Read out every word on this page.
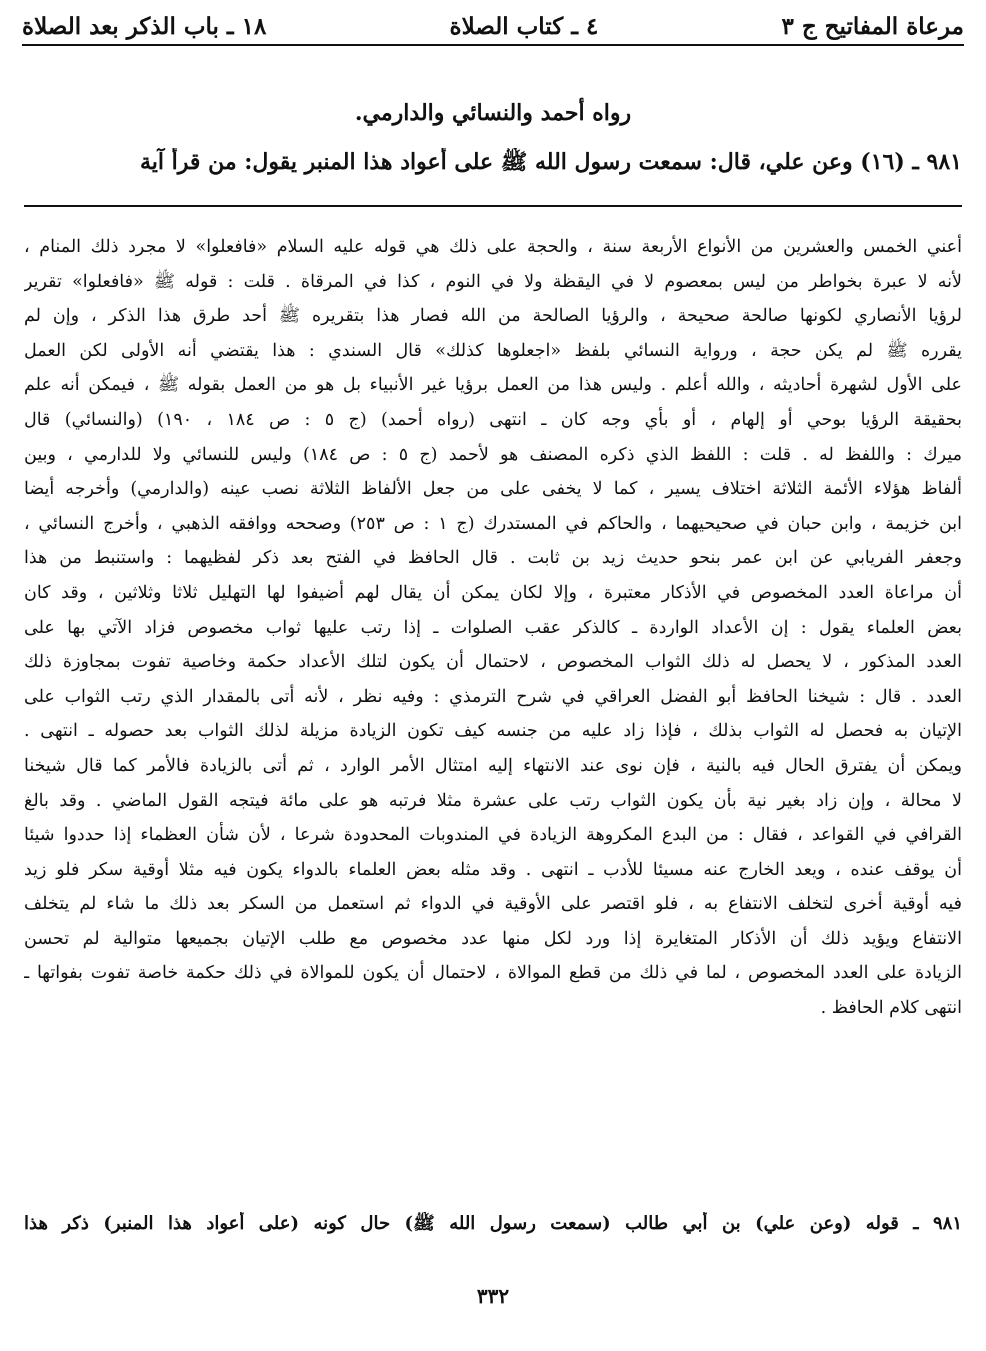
مرعاة المفاتيح ج ٣
٤ ـ كتاب الصلاة
١٨ ـ باب الذكر بعد الصلاة
رواه أحمد والنسائي والدارمي.
٩٨١ ـ (١٦) وعن علي، قال: سمعت رسول الله ﷺ على أعواد هذا المنبر يقول: من قرأ آية
أعني الخمس والعشرين من الأنواع الأربعة سنة ، والحجة على ذلك هي قوله عليه السلام «فافعلوا» لا مجرد ذلك المنام ،
لأنه لا عبرة بخواطر من ليس بمعصوم لا في اليقظة ولا في النوم ، كذا في المرقاة . قلت : قوله ﷺ «فافعلوا» تقرير
لرؤيا الأنصاري لكونها صالحة صحيحة ، والرؤيا الصالحة من الله فصار هذا بتقريره ﷺ أحد طرق هذا الذكر ، وإن لم
يقرره ﷺ لم يكن حجة ، ورواية النسائي بلفظ «اجعلوها كذلك» قال السندي : هذا يقتضي أنه الأولى لكن العمل
على الأول لشهرة أحاديثه ، والله أعلم . وليس هذا من العمل برؤيا غير الأنبياء بل هو من العمل بقوله ﷺ ، فيمكن أنه علم
بحقيقة الرؤيا بوحي أو إلهام ، أو بأي وجه كان ـ انتهى (رواه أحمد) (ج ٥ : ص ١٨٤ ، ١٩٠) (والنسائي) قال
ميرك : واللفظ له . قلت : اللفظ الذي ذكره المصنف هو لأحمد (ج ٥ : ص ١٨٤) وليس للنسائي ولا للدارمي ، وبين
ألفاظ هؤلاء الأئمة الثلاثة اختلاف يسير ، كما لا يخفى على من جعل الألفاظ الثلاثة نصب عينه (والدارمي) وأخرجه أيضا
ابن خزيمة ، وابن حبان في صحيحيهما ، والحاكم في المستدرك (ج ١ : ص ٢٥٣) وصححه ووافقه الذهبي ، وأخرج النسائي ،
وجعفر الفريابي عن ابن عمر بنحو حديث زيد بن ثابت . قال الحافظ في الفتح بعد ذكر لفظيهما : واستنبط من هذا
أن مراعاة العدد المخصوص في الأذكار معتبرة ، وإلا لكان يمكن أن يقال لهم أضيفوا لها التهليل ثلاثا وثلاثين ، وقد كان
بعض العلماء يقول : إن الأعداد الواردة ـ كالذكر عقب الصلوات ـ إذا رتب عليها ثواب مخصوص فزاد الآتي بها على
العدد المذكور ، لا يحصل له ذلك الثواب المخصوص ، لاحتمال أن يكون لتلك الأعداد حكمة وخاصية تفوت بمجاوزة ذلك
العدد . قال : شيخنا الحافظ أبو الفضل العراقي في شرح الترمذي : وفيه نظر ، لأنه أتى بالمقدار الذي رتب الثواب على
الإتيان به فحصل له الثواب بذلك ، فإذا زاد عليه من جنسه كيف تكون الزيادة مزيلة لذلك الثواب بعد حصوله ـ انتهى .
ويمكن أن يفترق الحال فيه بالنية ، فإن نوى عند الانتهاء إليه امتثال الأمر الوارد ، ثم أتى بالزيادة فالأمر كما قال شيخنا
لا محالة ، وإن زاد بغير نية بأن يكون الثواب رتب على عشرة مثلا فرتبه هو على مائة فيتجه القول الماضي . وقد بالغ
القرافي في القواعد ، فقال : من البدع المكروهة الزيادة في المندوبات المحدودة شرعا ، لأن شأن العظماء إذا حددوا شيئا
أن يوقف عنده ، ويعد الخارج عنه مسيئا للأدب ـ انتهى . وقد مثله بعض العلماء بالدواء يكون فيه مثلا أوقية سكر فلو زيد
فيه أوقية أخرى لتخلف الانتفاع به ، فلو اقتصر على الأوقية في الدواء ثم استعمل من السكر بعد ذلك ما شاء لم يتخلف
الانتفاع ويؤيد ذلك أن الأذكار المتغايرة إذا ورد لكل منها عدد مخصوص مع طلب الإتيان بجميعها متوالية لم تحسن
الزيادة على العدد المخصوص ، لما في ذلك من قطع الموالاة ، لاحتمال أن يكون للموالاة في ذلك حكمة خاصة تفوت بفواتها ـ
انتهى كلام الحافظ .
٩٨١ ـ قوله (وعن علي) بن أبي طالب (سمعت رسول الله ﷺ) حال كونه (على أعواد هذا المنبر) ذكر هذا
٣٣٢
